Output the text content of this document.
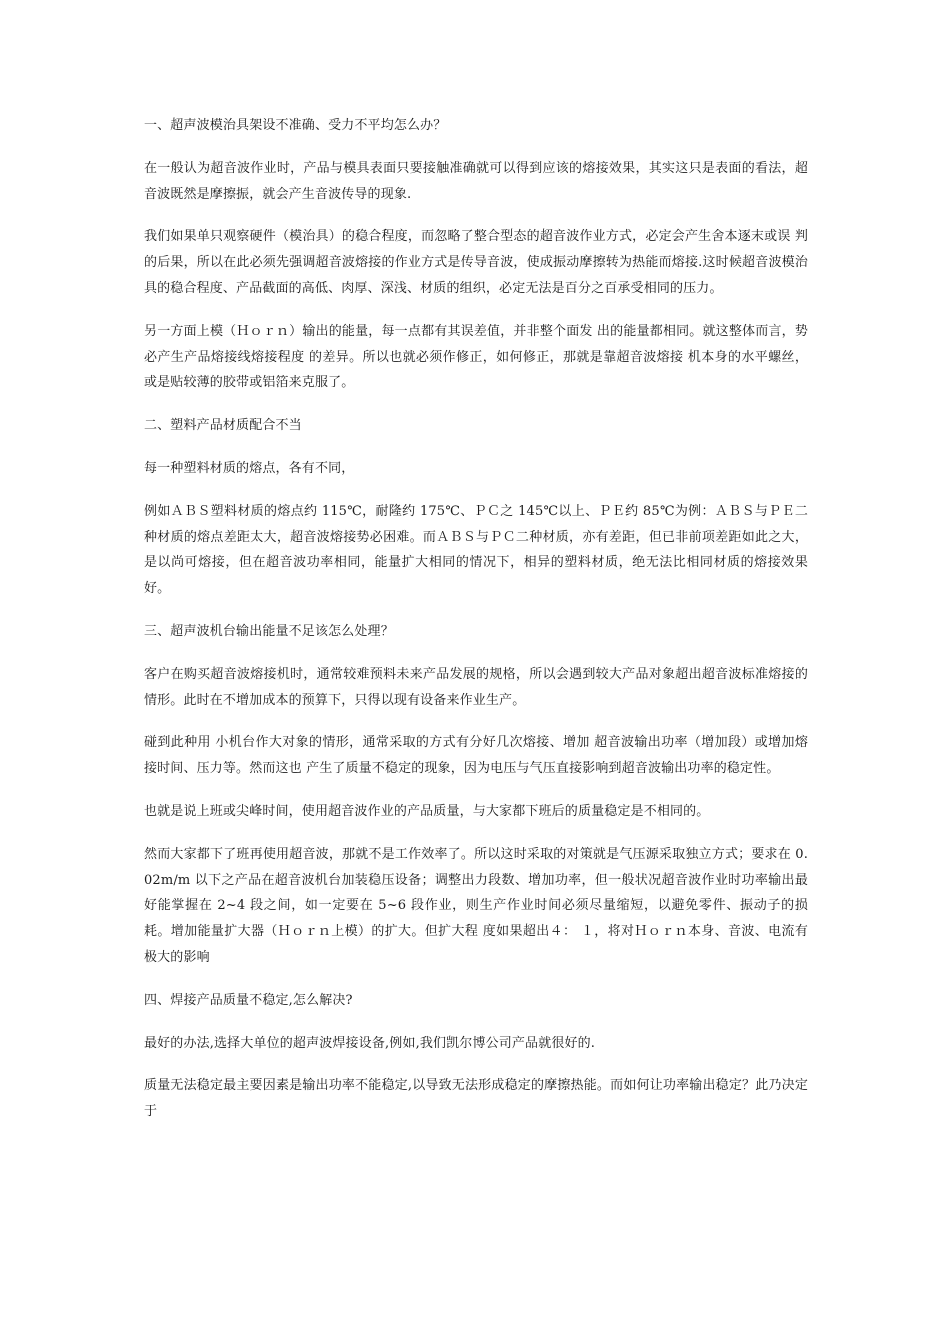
一、超声波模治具架设不准确、受力不平均怎么办？

在一般认为超音波作业时，产品与模具表面只要接触准确就可以得到应该的熔接效果，其实这只是表面的看法，超音波既然是摩擦振，就会产生音波传导的现象.

我们如果单只观察硬件（模治具）的稳合程度，而忽略了整合型态的超音波作业方式，必定会产生舍本逐末或误 判的后果，所以在此必须先强调超音波熔接的作业方式是传导音波，使成振动摩擦转为热能而熔接.这时候超音波模治具的稳合程度、产品截面的高低、肉厚、深浅、材质的组织，必定无法是百分之百承受相同的压力。

另一方面上模（Ｈｏｒｎ）输出的能量，每一点都有其误差值，并非整个面发 出的能量都相同。就这整体而言，势必产生产品熔接线熔接程度 的差异。所以也就必须作修正，如何修正，那就是靠超音波熔接 机本身的水平螺丝，或是贴较薄的胶带或铝箔来克服了。

二、塑料产品材质配合不当

每一种塑料材质的熔点，各有不同，

例如ＡＢＳ塑料材质的熔点约 115℃，耐隆约 175℃、ＰＣ之 145℃以上、ＰＥ约 85℃为例：ＡＢＳ与ＰＥ二种材质的熔点差距太大，超音波熔接势必困难。而ＡＢＳ与ＰＣ二种材质，亦有差距，但已非前项差距如此之大，是以尚可熔接，但在超音波功率相同，能量扩大相同的情况下，相异的塑料材质，绝无法比相同材质的熔接效果好。

三、超声波机台输出能量不足该怎么处理？

客户在购买超音波熔接机时，通常较难预料未来产品发展的规格，所以会遇到较大产品对象超出超音波标准熔接的情形。此时在不增加成本的预算下，只得以现有设备来作业生产。

碰到此种用 小机台作大对象的情形，通常采取的方式有分好几次熔接、增加 超音波输出功率（增加段）或增加熔接时间、压力等。然而这也 产生了质量不稳定的现象，因为电压与气压直接影响到超音波输出功率的稳定性。

也就是说上班或尖峰时间，使用超音波作业的产品质量，与大家都下班后的质量稳定是不相同的。

然而大家都下了班再使用超音波，那就不是工作效率了。所以这时采取的对策就是气压源采取独立方式；要求在 0.02m/m 以下之产品在超音波机台加装稳压设备；调整出力段数、增加功率，但一般状况超音波作业时功率输出最好能掌握在 2~4 段之间，如一定要在 5~6 段作业，则生产作业时间必须尽量缩短，以避免零件、振动子的损耗。增加能量扩大器（Ｈｏｒｎ上模）的扩大。但扩大程 度如果超出４： １，将对Ｈｏｒｎ本身、音波、电流有极大的影响

四、焊接产品质量不稳定,怎么解决?

最好的办法,选择大单位的超声波焊接设备,例如,我们凯尔博公司产品就很好的.

质量无法稳定最主要因素是输出功率不能稳定,以导致无法形成稳定的摩擦热能。而如何让功率输出稳定？此乃决定于
